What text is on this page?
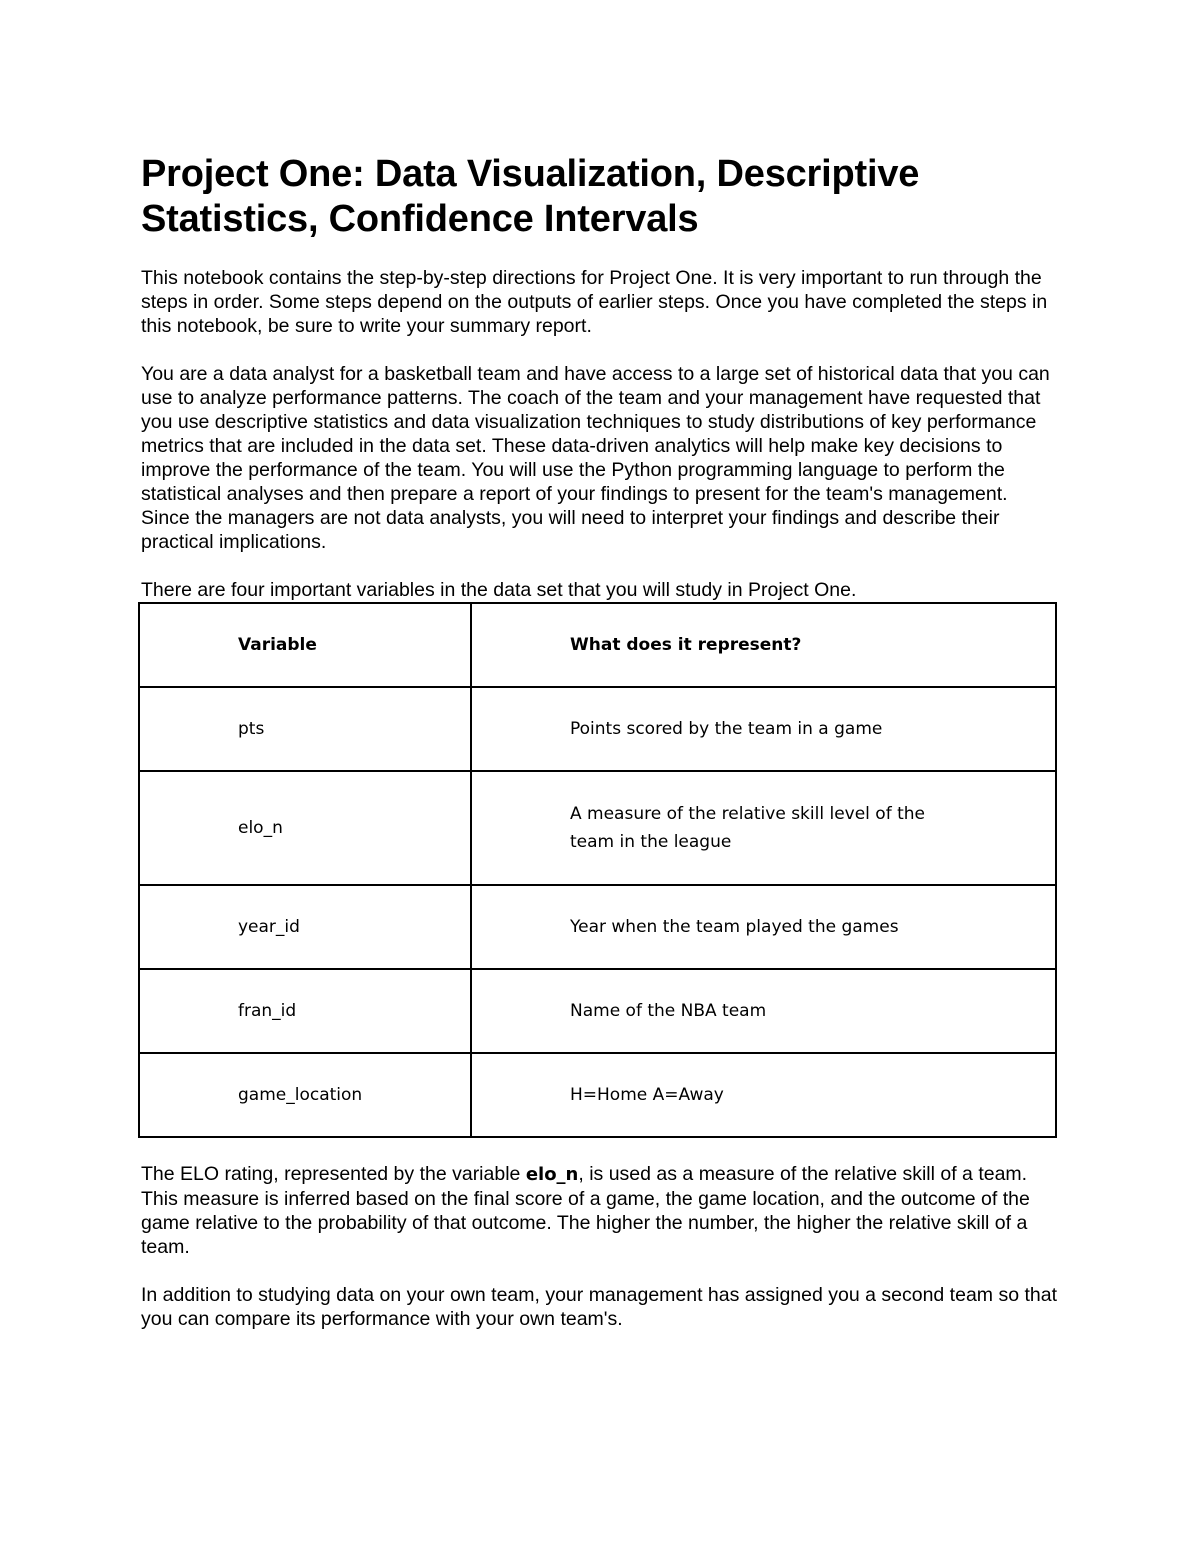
Project One: Data Visualization, Descriptive Statistics, Confidence Intervals

This notebook contains the step-by-step directions for Project One. It is very important to run through the steps in order. Some steps depend on the outputs of earlier steps. Once you have completed the steps in this notebook, be sure to write your summary report.

You are a data analyst for a basketball team and have access to a large set of historical data that you can use to analyze performance patterns. The coach of the team and your management have requested that you use descriptive statistics and data visualization techniques to study distributions of key performance metrics that are included in the data set. These data-driven analytics will help make key decisions to improve the performance of the team. You will use the Python programming language to perform the statistical analyses and then prepare a report of your findings to present for the team's management. Since the managers are not data analysts, you will need to interpret your findings and describe their practical implications.

There are four important variables in the data set that you will study in Project One.

Variable	What does it represent?
pts	Points scored by the team in a game
elo_n	A measure of the relative skill level of the team in the league
year_id	Year when the team played the games
fran_id	Name of the NBA team
game_location	H=Home A=Away

The ELO rating, represented by the variable elo_n, is used as a measure of the relative skill of a team. This measure is inferred based on the final score of a game, the game location, and the outcome of the game relative to the probability of that outcome. The higher the number, the higher the relative skill of a team.

In addition to studying data on your own team, your management has assigned you a second team so that you can compare its performance with your own team's.
